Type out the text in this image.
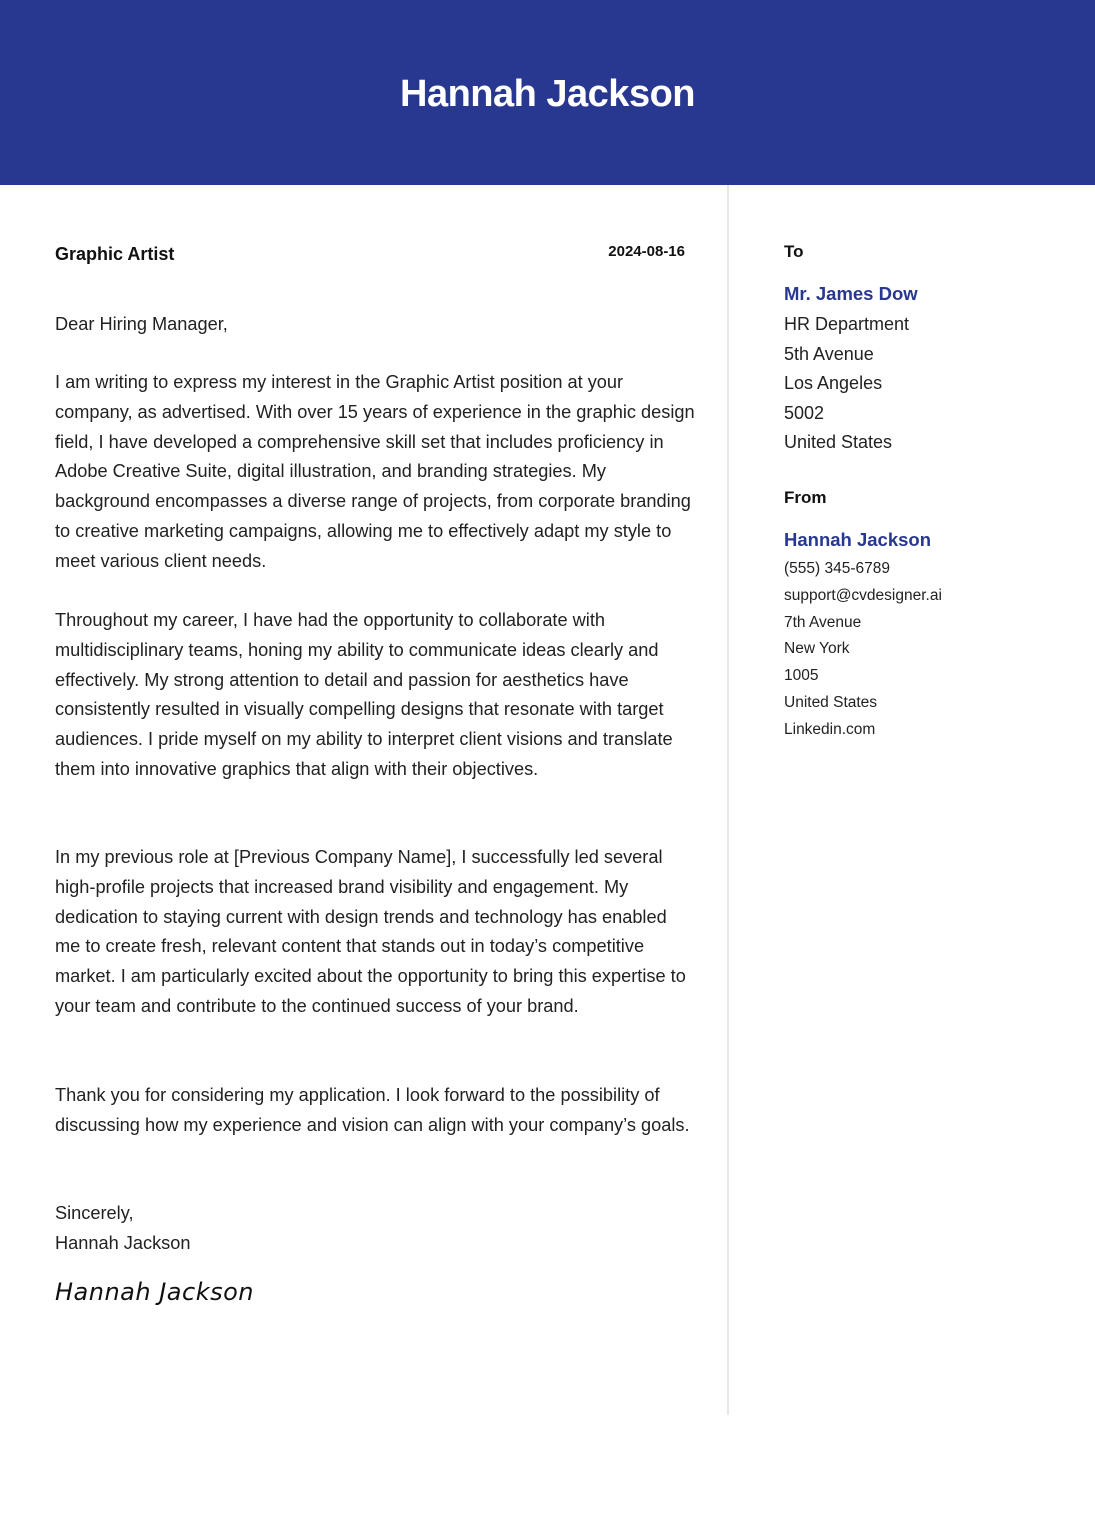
Hannah Jackson
Graphic Artist	2024-08-16
Dear Hiring Manager,

I am writing to express my interest in the Graphic Artist position at your company, as advertised. With over 15 years of experience in the graphic design field, I have developed a comprehensive skill set that includes proficiency in Adobe Creative Suite, digital illustration, and branding strategies. My background encompasses a diverse range of projects, from corporate branding to creative marketing campaigns, allowing me to effectively adapt my style to meet various client needs.

Throughout my career, I have had the opportunity to collaborate with multidisciplinary teams, honing my ability to communicate ideas clearly and effectively. My strong attention to detail and passion for aesthetics have consistently resulted in visually compelling designs that resonate with target audiences. I pride myself on my ability to interpret client visions and translate them into innovative graphics that align with their objectives.

In my previous role at [Previous Company Name], I successfully led several high-profile projects that increased brand visibility and engagement. My dedication to staying current with design trends and technology has enabled me to create fresh, relevant content that stands out in today’s competitive market. I am particularly excited about the opportunity to bring this expertise to your team and contribute to the continued success of your brand.

Thank you for considering my application. I look forward to the possibility of discussing how my experience and vision can align with your company’s goals.

Sincerely,
Hannah Jackson
Hannah Jackson
To
Mr. James Dow
HR Department
5th Avenue
Los Angeles
5002
United States
From
Hannah Jackson
(555) 345-6789
support@cvdesigner.ai
7th Avenue
New York
1005
United States
Linkedin.com
